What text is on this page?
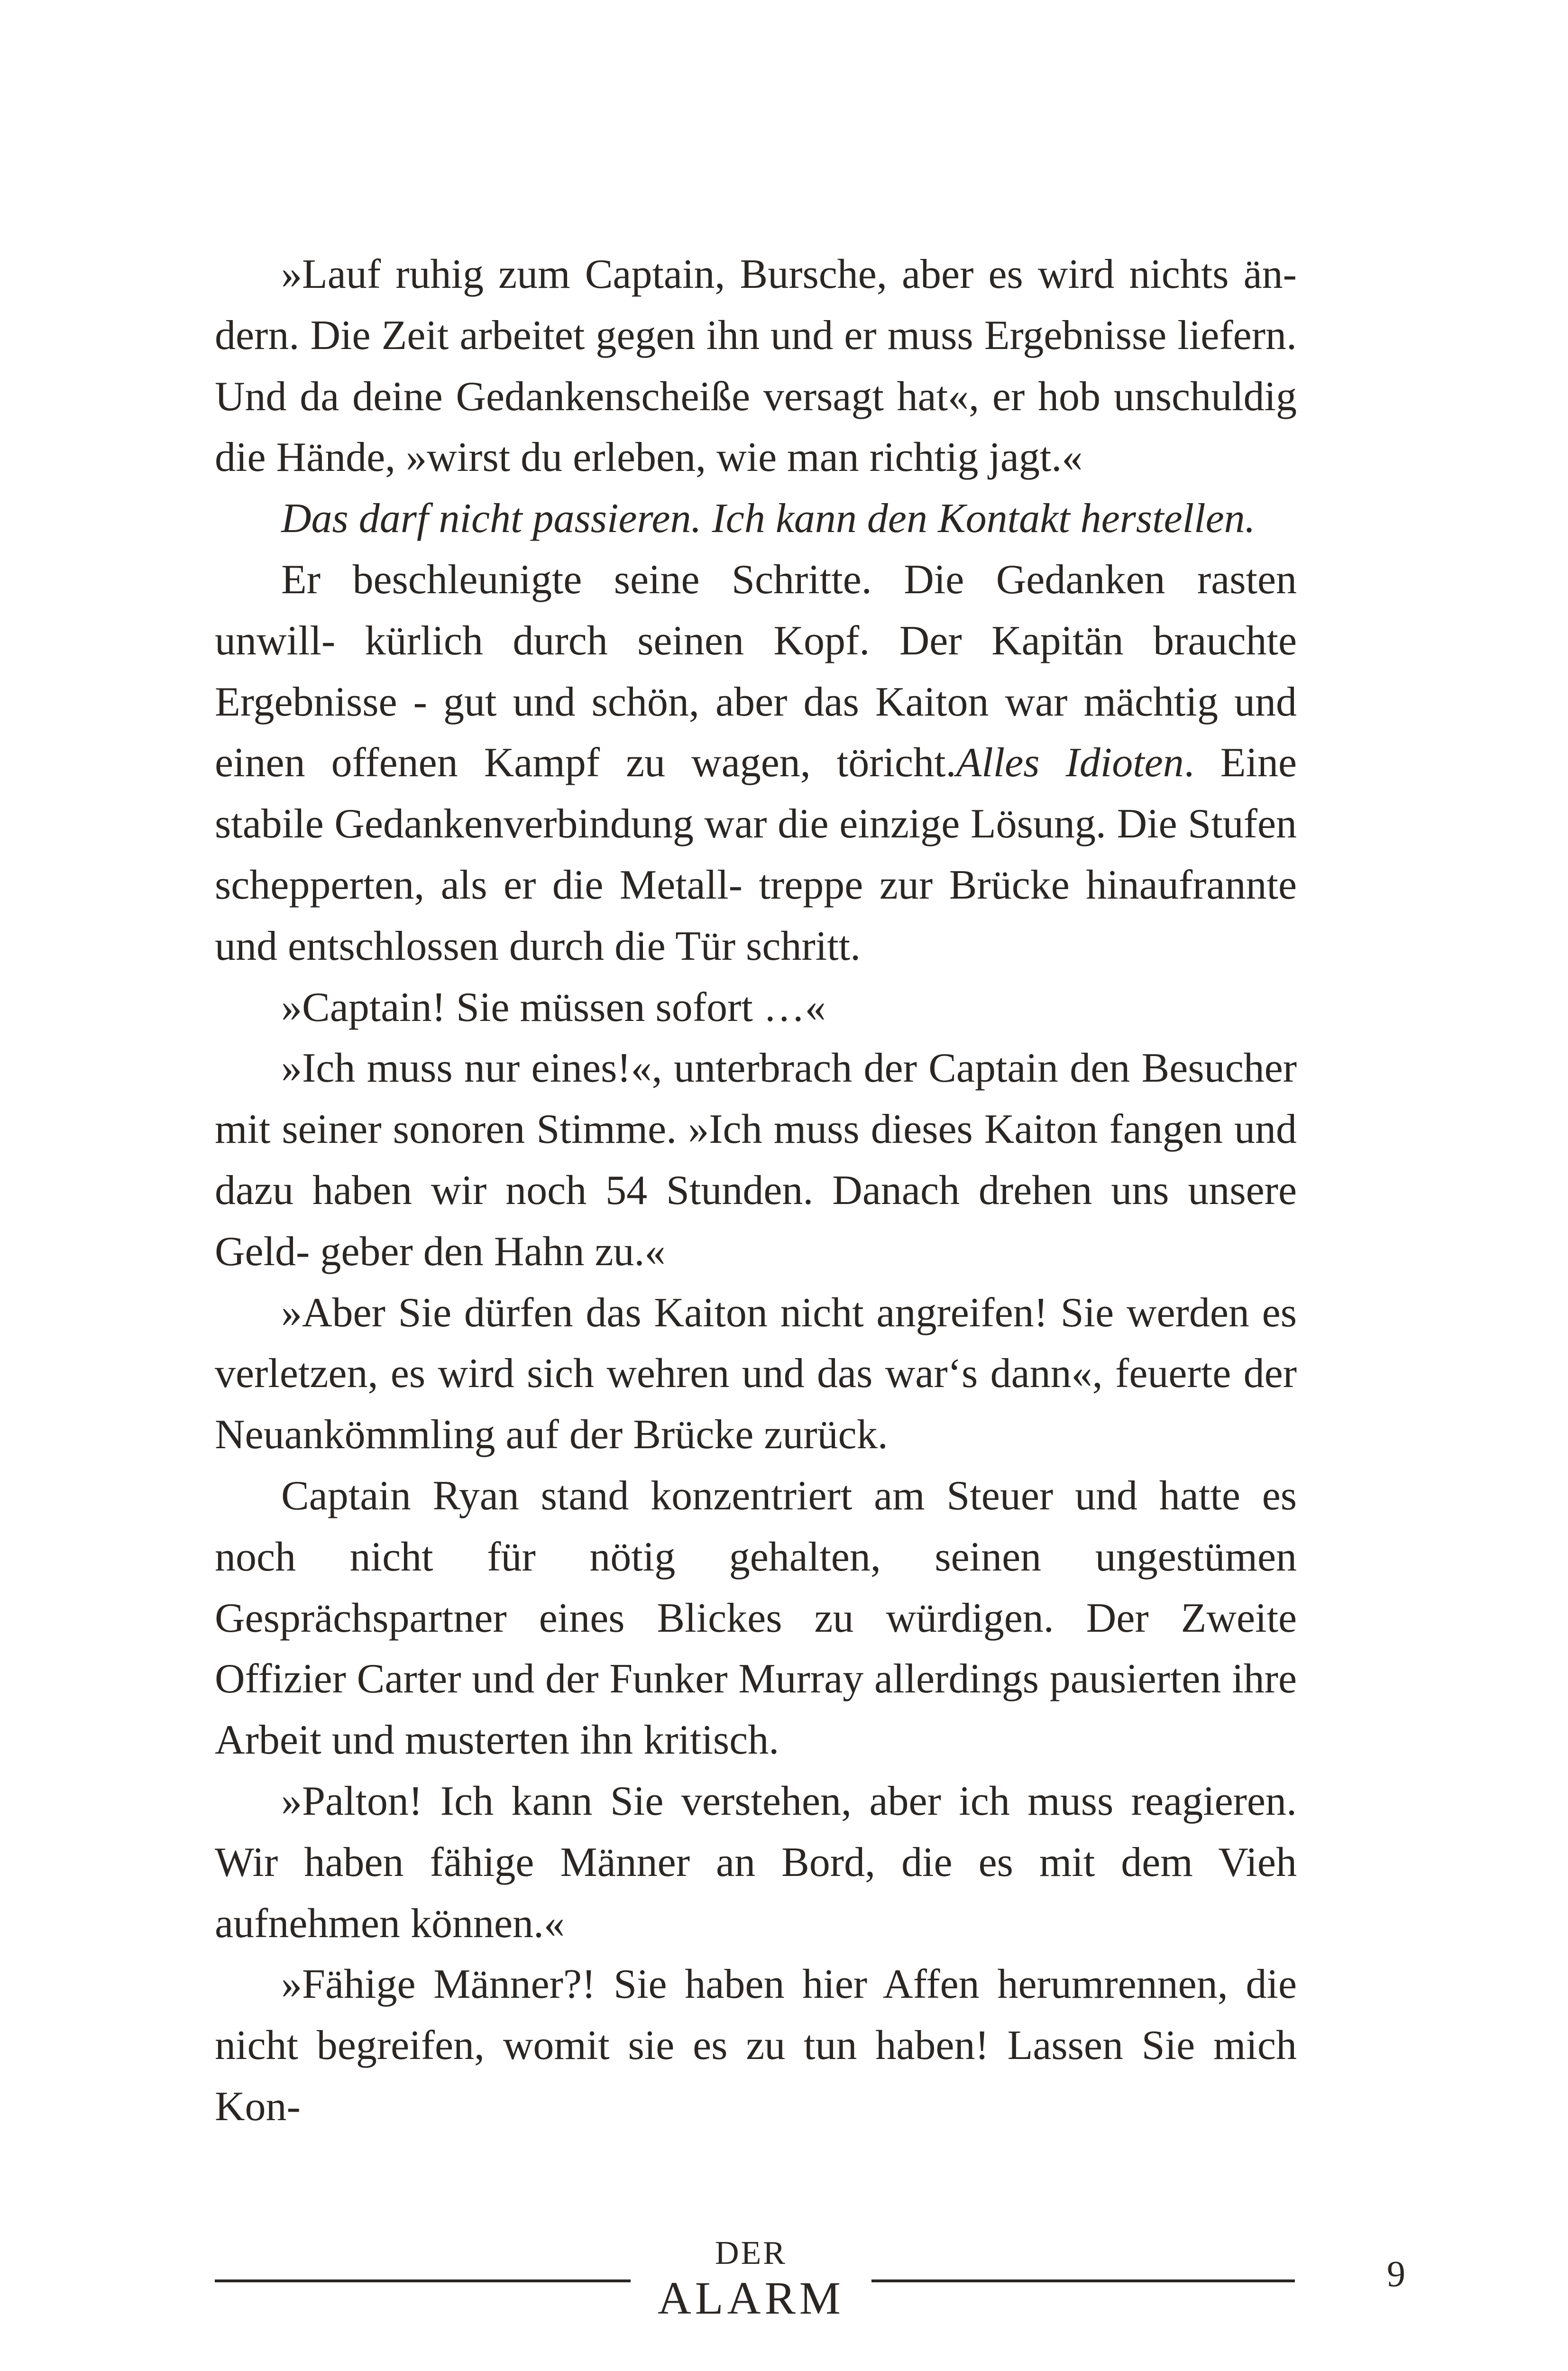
»Lauf ruhig zum Captain, Bursche, aber es wird nichts än- dern. Die Zeit arbeitet gegen ihn und er muss Ergebnisse liefern. Und da deine Gedankenscheiße versagt hat«, er hob unschuldig die Hände, »wirst du erleben, wie man richtig jagt.«

Das darf nicht passieren. Ich kann den Kontakt herstellen.

Er beschleunigte seine Schritte. Die Gedanken rasten unwill- kürlich durch seinen Kopf. Der Kapitän brauchte Ergebnisse - gut und schön, aber das Kaiton war mächtig und einen offenen Kampf zu wagen, töricht.Alles Idioten. Eine stabile Gedankenverbindung war die einzige Lösung. Die Stufen schepperten, als er die Metall- treppe zur Brücke hinaufrannte und entschlossen durch die Tür schritt.

»Captain! Sie müssen sofort …«

»Ich muss nur eines!«, unterbrach der Captain den Besucher mit seiner sonoren Stimme. »Ich muss dieses Kaiton fangen und dazu haben wir noch 54 Stunden. Danach drehen uns unsere Geld- geber den Hahn zu.«

»Aber Sie dürfen das Kaiton nicht angreifen! Sie werden es verletzen, es wird sich wehren und das war‘s dann«, feuerte der Neuankömmling auf der Brücke zurück.

Captain Ryan stand konzentriert am Steuer und hatte es noch nicht für nötig gehalten, seinen ungestümen Gesprächspartner eines Blickes zu würdigen. Der Zweite Offizier Carter und der Funker Murray allerdings pausierten ihre Arbeit und musterten ihn kritisch.

»Palton! Ich kann Sie verstehen, aber ich muss reagieren. Wir haben fähige Männer an Bord, die es mit dem Vieh aufnehmen können.«

»Fähige Männer?! Sie haben hier Affen herumrennen, die nicht begreifen, womit sie es zu tun haben! Lassen Sie mich Kon-

DER
ALARM	9
